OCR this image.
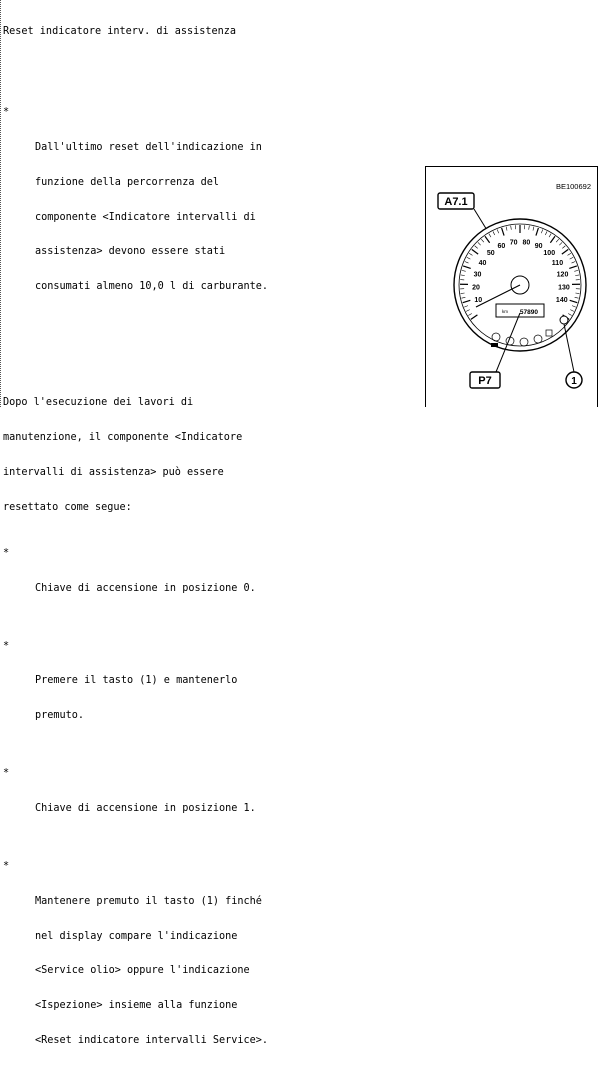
Reset indicatore interv. di assistenza

*

Dall'ultimo reset dell'indicazione in

funzione della percorrenza del

componente <Indicatore intervalli di

assistenza> devono essere stati

consumati almeno 10,0 l di carburante.

Dopo l'esecuzione dei lavori di

manutenzione, il componente <Indicatore

intervalli di assistenza> può essere

resettato come segue:

*

Chiave di accensione in posizione 0.

*

Premere il tasto (1) e mantenerlo

premuto.

*

Chiave di accensione in posizione 1.

*

Mantenere premuto il tasto (1) finché

nel display compare l'indicazione

<Service olio> oppure l'indicazione

<Ispezione> insieme alla funzione

<Reset indicatore intervalli Service>.

BE100692
A7.1
10
20
30
40
50
60
70 80
90
100
110
120
130
140
57890
km
1
P7
